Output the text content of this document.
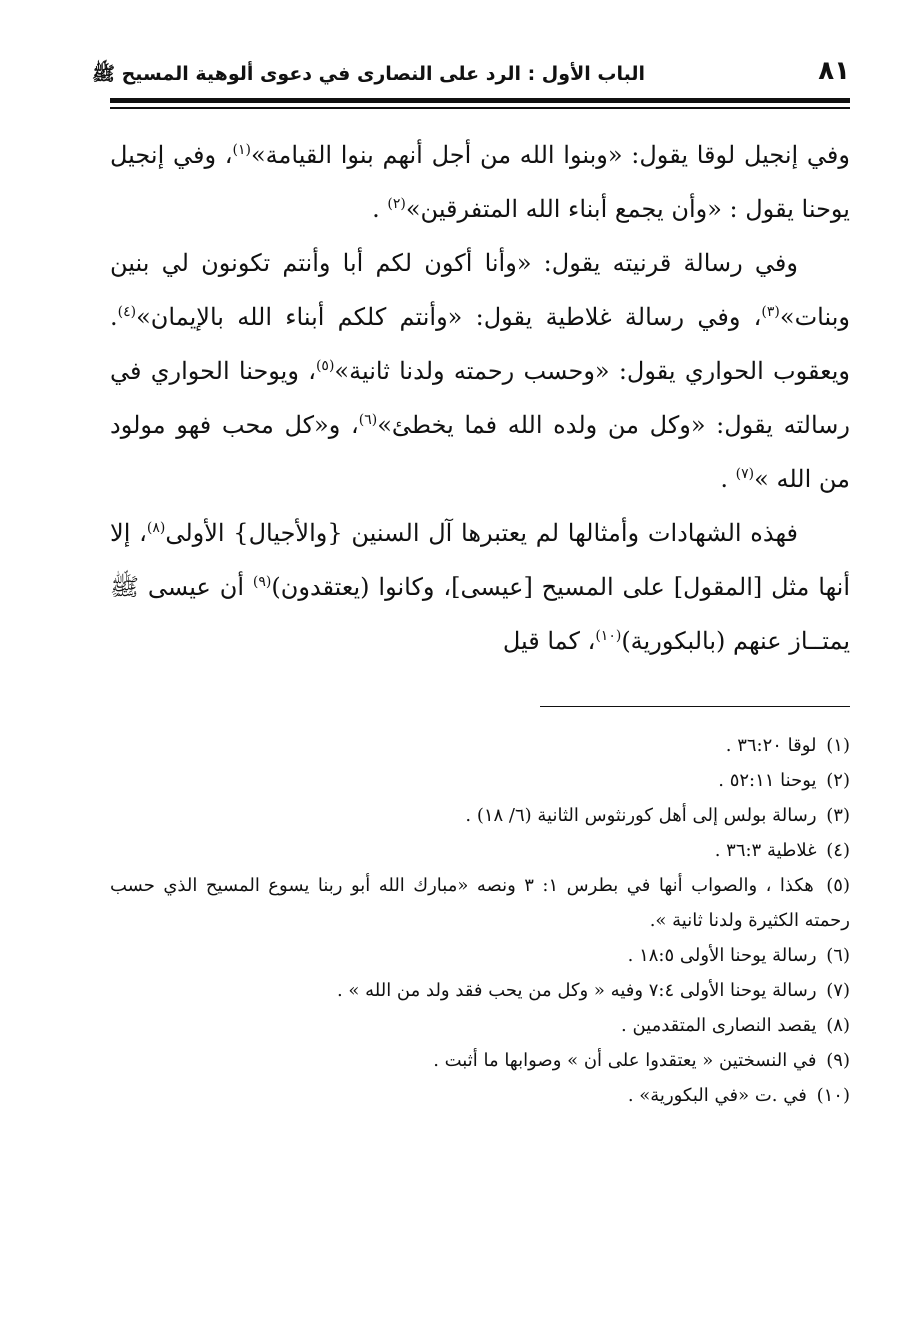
٨١
الباب الأول : الرد على النصارى في دعوى ألوهية المسيح ﷺ

وفي إنجيل لوقا يقول: «وبنوا الله من أجل أنهم بنوا القيامة»$^{(١)}$، وفي إنجيل يوحنا يقول : «وأن يجمع أبناء الله المتفرقين»$^{(٢)}$ .

وفي رسالة قرنيته يقول: «وأنا أكون لكم أبا وأنتم تكونون لي بنين وبنات»$^{(٣)}$، وفي رسالة غلاطية يقول: «وأنتم كلكم أبناء الله بالإيمان»$^{(٤)}$. ويعقوب الحواري يقول: «وحسب رحمته ولدنا ثانية»$^{(٥)}$، ويوحنا الحواري في رسالته يقول: «وكل من ولده الله فما يخطئ»$^{(٦)}$، و«كل محب فهو مولود من الله »$^{(٧)}$ .

فهذه الشهادات وأمثالها لم يعتبرها آل السنين {والأجيال} الأولى$^{(٨)}$، إلا أنها مثل [المقول] على المسيح [عيسى]، وكانوا (يعتقدون)$^{(٩)}$ أن عيسى ﷺ يمتــاز عنهم (بالبكورية)$^{(١٠)}$، كما قيل

(١) لوقا ٣٦:٢٠ .

(٢) يوحنا ٥٢:١١ .

(٣) رسالة بولس إلى أهل كورنثوس الثانية (٦/ ١٨) .

(٤) غلاطية ٣٦:٣ .

(٥) هكذا ، والصواب أنها في بطرس ١: ٣ ونصه «مبارك الله أبو ربنا يسوع المسيح الذي حسب رحمته الكثيرة ولدنا ثانية ».

(٦) رسالة يوحنا الأولى ١٨:٥ .

(٧) رسالة يوحنا الأولى ٧:٤ وفيه « وكل من يحب فقد ولد من الله » .

(٨) يقصد النصارى المتقدمين .

(٩) في النسختين « يعتقدوا على أن » وصوابها ما أثبت .

(١٠) في .ت «في البكورية» .
